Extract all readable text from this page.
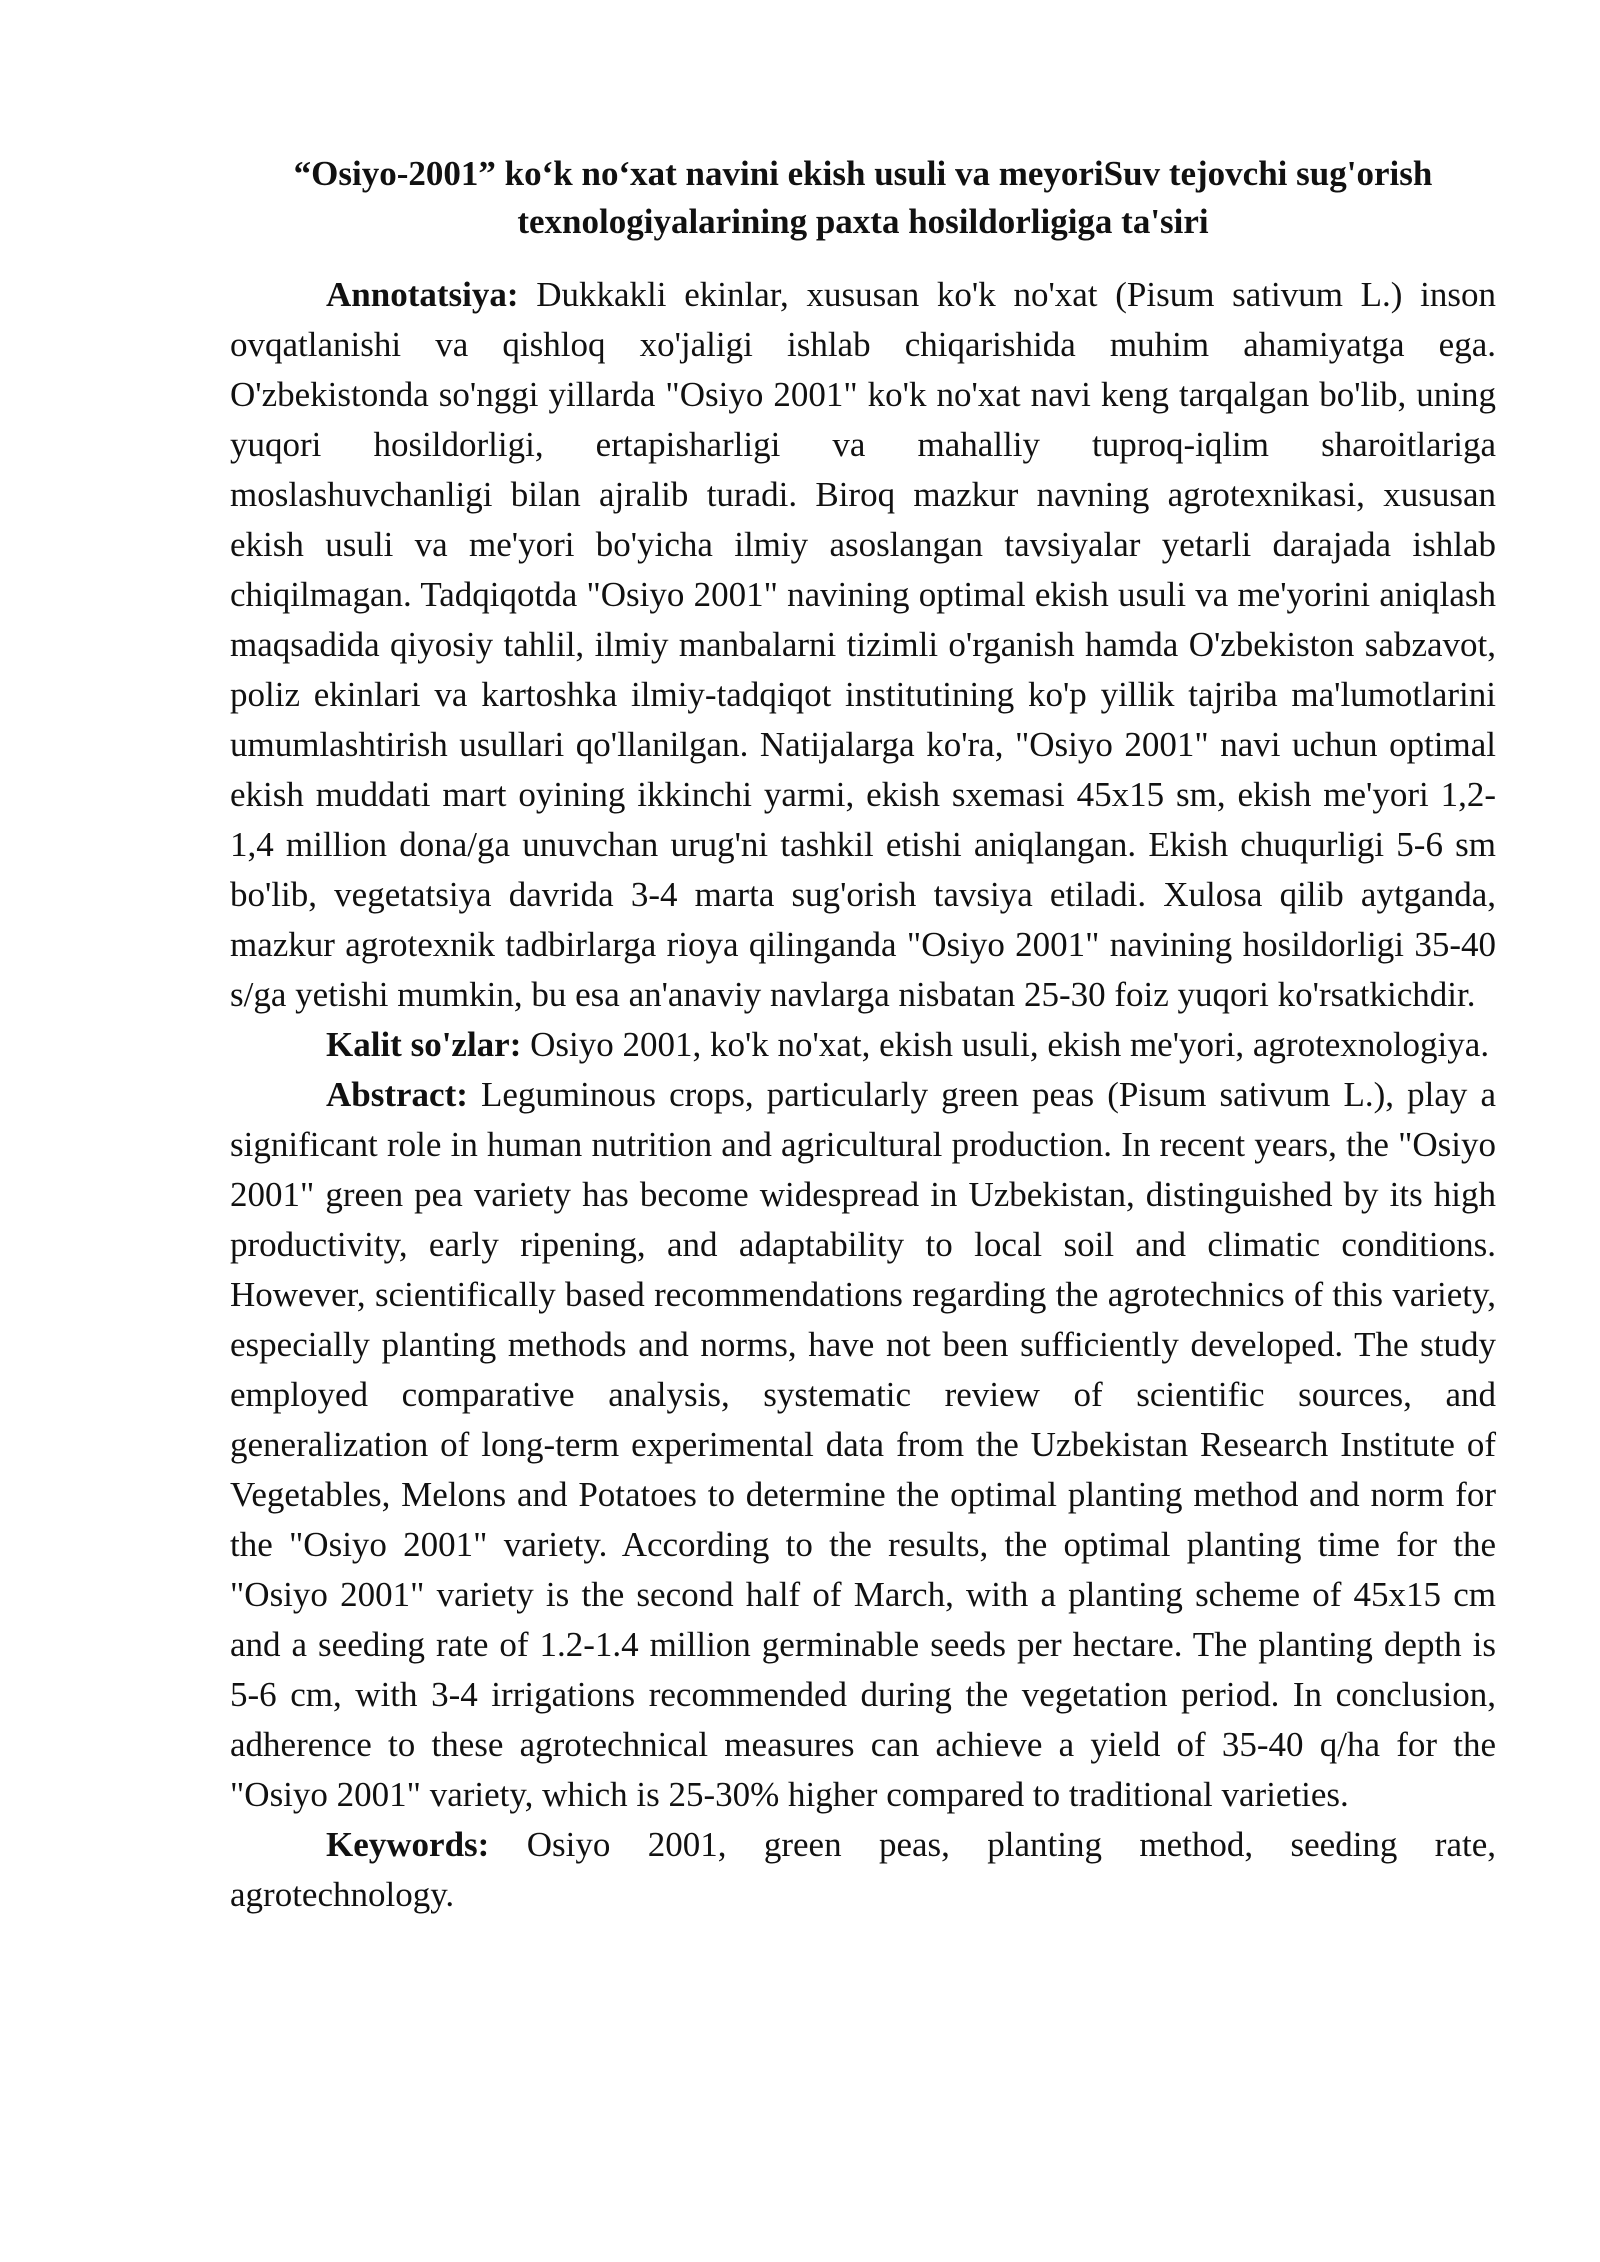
“Osiyo-2001” ko‘k no‘xat navini ekish usuli va meyoriSuv tejovchi sug'orish
texnologiyalarining paxta hosildorligiga ta'siri

Annotatsiya: Dukkakli ekinlar, xususan ko'k no'xat (Pisum sativum L.) inson ovqatlanishi va qishloq xo'jaligi ishlab chiqarishida muhim ahamiyatga ega. O'zbekistonda so'nggi yillarda "Osiyo 2001" ko'k no'xat navi keng tarqalgan bo'lib, uning yuqori hosildorligi, ertapisharligi va mahalliy tuproq-iqlim sharoitlariga moslashuvchanligi bilan ajralib turadi. Biroq mazkur navning agrotexnikasi, xususan ekish usuli va me'yori bo'yicha ilmiy asoslangan tavsiyalar yetarli darajada ishlab chiqilmagan. Tadqiqotda "Osiyo 2001" navining optimal ekish usuli va me'yorini aniqlash maqsadida qiyosiy tahlil, ilmiy manbalarni tizimli o'rganish hamda O'zbekiston sabzavot, poliz ekinlari va kartoshka ilmiy-tadqiqot institutining ko'p yillik tajriba ma'lumotlarini umumlashtirish usullari qo'llanilgan. Natijalarga ko'ra, "Osiyo 2001" navi uchun optimal ekish muddati mart oyining ikkinchi yarmi, ekish sxemasi 45x15 sm, ekish me'yori 1,2-1,4 million dona/ga unuvchan urug'ni tashkil etishi aniqlangan. Ekish chuqurligi 5-6 sm bo'lib, vegetatsiya davrida 3-4 marta sug'orish tavsiya etiladi. Xulosa qilib aytganda, mazkur agrotexnik tadbirlarga rioya qilinganda "Osiyo 2001" navining hosildorligi 35-40 s/ga yetishi mumkin, bu esa an'anaviy navlarga nisbatan 25-30 foiz yuqori ko'rsatkichdir.

Kalit so'zlar: Osiyo 2001, ko'k no'xat, ekish usuli, ekish me'yori, agrotexnologiya.

Abstract: Leguminous crops, particularly green peas (Pisum sativum L.), play a significant role in human nutrition and agricultural production. In recent years, the "Osiyo 2001" green pea variety has become widespread in Uzbekistan, distinguished by its high productivity, early ripening, and adaptability to local soil and climatic conditions. However, scientifically based recommendations regarding the agrotechnics of this variety, especially planting methods and norms, have not been sufficiently developed. The study employed comparative analysis, systematic review of scientific sources, and generalization of long-term experimental data from the Uzbekistan Research Institute of Vegetables, Melons and Potatoes to determine the optimal planting method and norm for the "Osiyo 2001" variety. According to the results, the optimal planting time for the "Osiyo 2001" variety is the second half of March, with a planting scheme of 45x15 cm and a seeding rate of 1.2-1.4 million germinable seeds per hectare. The planting depth is 5-6 cm, with 3-4 irrigations recommended during the vegetation period. In conclusion, adherence to these agrotechnical measures can achieve a yield of 35-40 q/ha for the "Osiyo 2001" variety, which is 25-30% higher compared to traditional varieties.

Keywords: Osiyo 2001, green peas, planting method, seeding rate, agrotechnology.
